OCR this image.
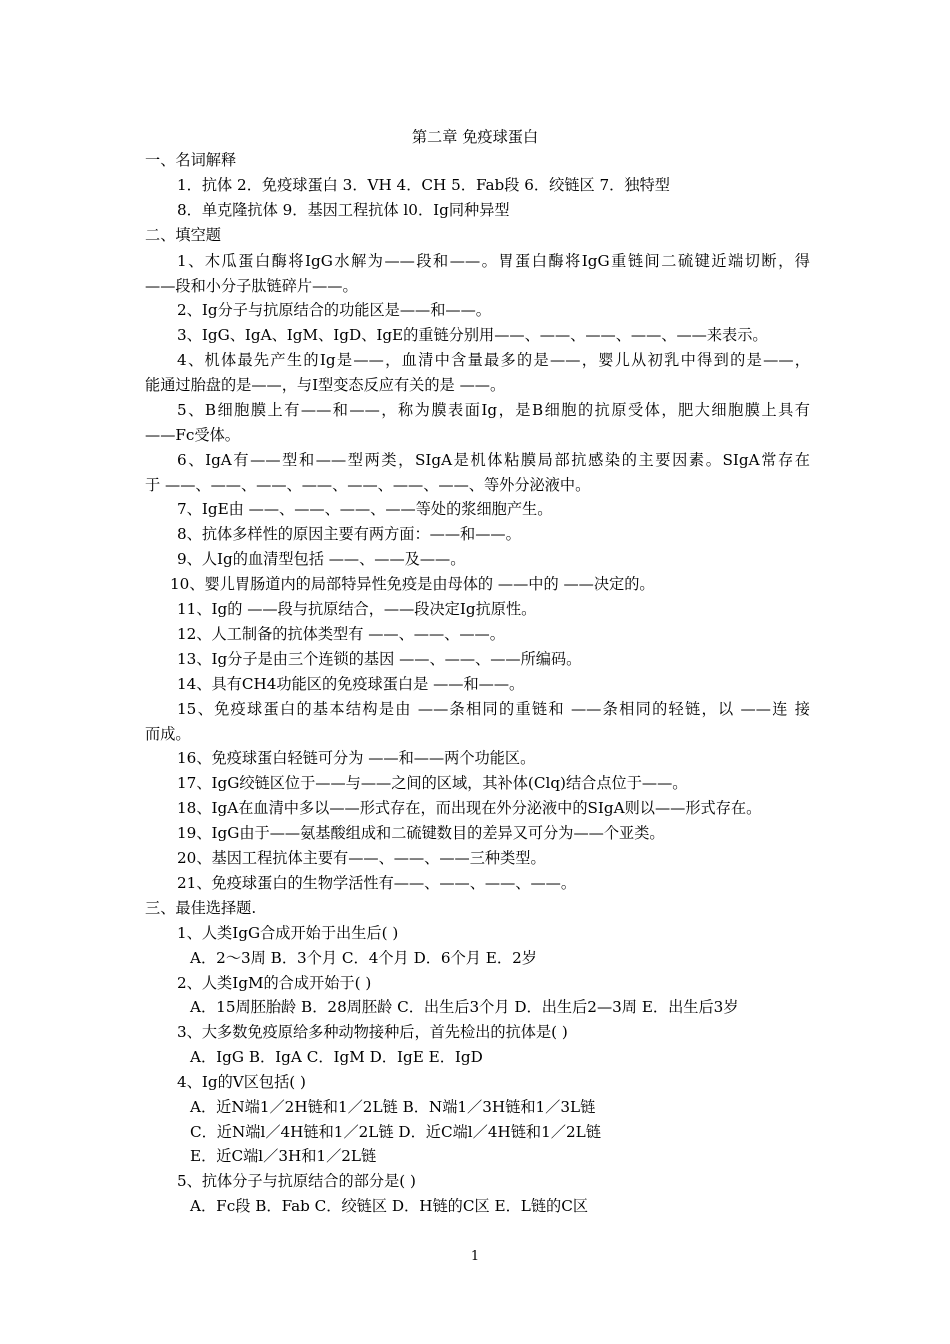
第二章 免疫球蛋白
一、名词解释
1．抗体 2．免疫球蛋白 3．VH 4．CH 5．Fab段 6．绞链区 7．独特型
8．单克隆抗体 9．基因工程抗体 l0．Ig同种异型
二、填空题
1、木瓜蛋白酶将IgG水解为——段和——。胃蛋白酶将IgG重链间二硫键近端切断，得
——段和小分子肽链碎片——。
2、Ig分子与抗原结合的功能区是——和——。
3、IgG、IgA、IgM、IgD、IgE的重链分别用——、——、——、——、——来表示。
4、机体最先产生的Ig是——，血清中含量最多的是——，婴儿从初乳中得到的是——，
能通过胎盘的是——，与I型变态反应有关的是 ——。
5、B细胞膜上有——和——，称为膜表面Ig，是B细胞的抗原受体，肥大细胞膜上具有
——Fc受体。
6、IgA有——型和——型两类，SIgA是机体粘膜局部抗感染的主要因素。SIgA常存在
于 ——、——、——、——、——、——、——、等外分泌液中。
7、IgE由 ——、——、——、——等处的浆细胞产生。
8、抗体多样性的原因主要有两方面：——和——。
9、人Ig的血清型包括 ——、——及——。
10、婴儿胃肠道内的局部特异性免疫是由母体的 ——中的 ——决定的。
11、Ig的 ——段与抗原结合，——段决定Ig抗原性。
12、人工制备的抗体类型有 ——、——、——。
13、Ig分子是由三个连锁的基因 ——、——、——所编码。
14、具有CH4功能区的免疫球蛋白是 ——和——。
15、免疫球蛋白的基本结构是由 ——条相同的重链和 ——条相同的轻链，以 ——连 接
而成。
16、免疫球蛋白轻链可分为 ——和——两个功能区。
17、IgG绞链区位于——与——之间的区域，其补体(Clq)结合点位于——。
18、IgA在血清中多以——形式存在，而出现在外分泌液中的SIgA则以——形式存在。
19、IgG由于——氨基酸组成和二硫键数目的差异又可分为——个亚类。
20、基因工程抗体主要有——、——、——三种类型。
21、免疫球蛋白的生物学活性有——、——、——、——。
三、最佳选择题.
1、人类IgG合成开始于出生后( )
A．2～3周 B．3个月 C．4个月 D．6个月 E．2岁
2、人类IgM的合成开始于( )
A．15周胚胎龄 B．28周胚龄 C．出生后3个月 D．出生后2—3周 E．出生后3岁
3、大多数免疫原给多种动物接种后，首先检出的抗体是( )
A．IgG B．IgA C．IgM D．IgE E．IgD
4、Ig的V区包括( )
A．近N端1／2H链和1／2L链 B．N端1／3H链和1／3L链
C．近N端l／4H链和1／2L链 D．近C端l／4H链和1／2L链
E．近C端l／3H和1／2L链
5、抗体分子与抗原结合的部分是( )
A．Fc段 B．Fab C．绞链区 D．H链的C区 E．L链的C区
1
